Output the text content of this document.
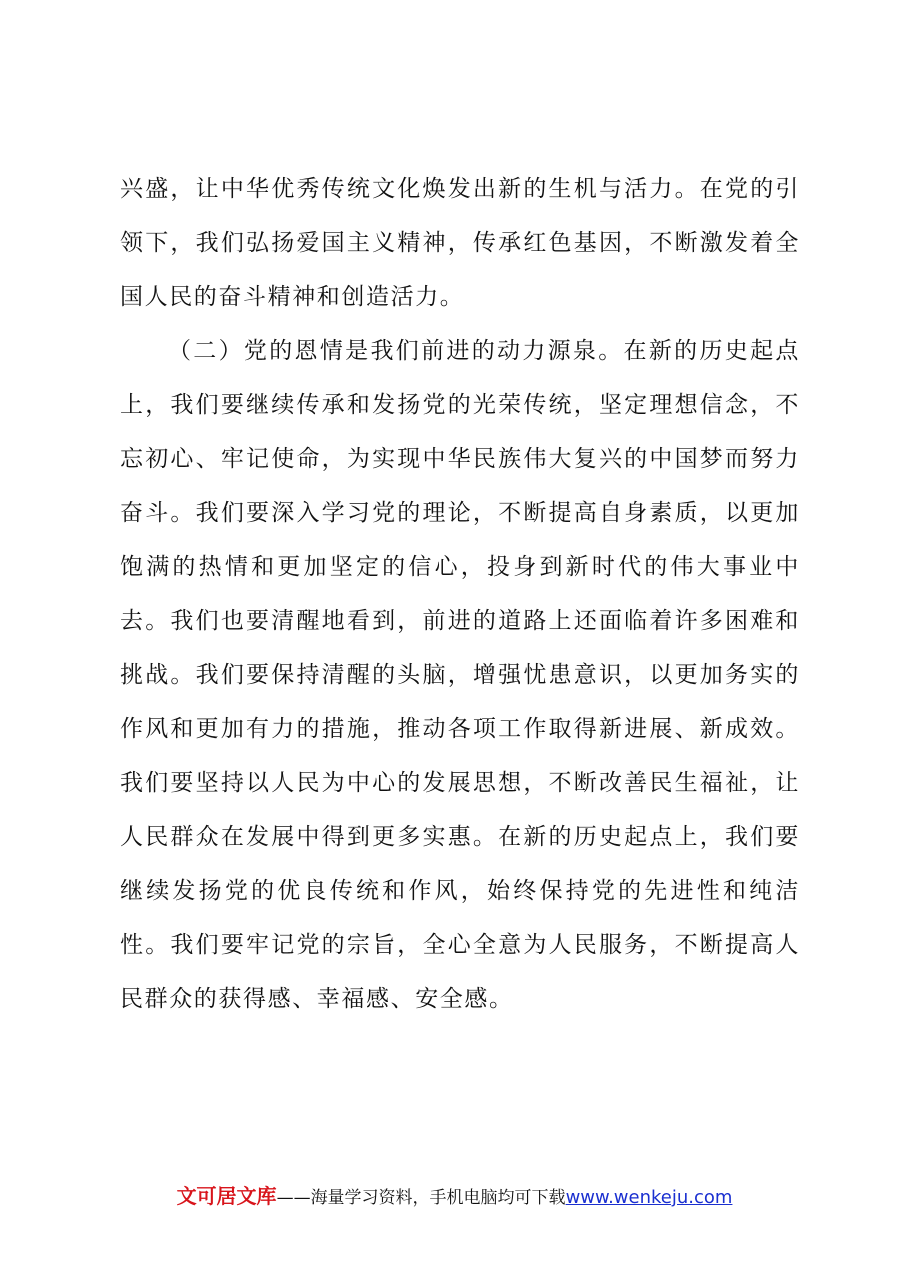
兴盛，让中华优秀传统文化焕发出新的生机与活力。在党的引领下，我们弘扬爱国主义精神，传承红色基因，不断激发着全国人民的奋斗精神和创造活力。

（二）党的恩情是我们前进的动力源泉。在新的历史起点上，我们要继续传承和发扬党的光荣传统，坚定理想信念，不忘初心、牢记使命，为实现中华民族伟大复兴的中国梦而努力奋斗。我们要深入学习党的理论，不断提高自身素质，以更加饱满的热情和更加坚定的信心，投身到新时代的伟大事业中去。我们也要清醒地看到，前进的道路上还面临着许多困难和挑战。我们要保持清醒的头脑，增强忧患意识，以更加务实的作风和更加有力的措施，推动各项工作取得新进展、新成效。我们要坚持以人民为中心的发展思想，不断改善民生福祉，让人民群众在发展中得到更多实惠。在新的历史起点上，我们要继续发扬党的优良传统和作风，始终保持党的先进性和纯洁性。我们要牢记党的宗旨，全心全意为人民服务，不断提高人民群众的获得感、幸福感、安全感。

文可居文库——海量学习资料，手机电脑均可下载www.wenkeju.com
